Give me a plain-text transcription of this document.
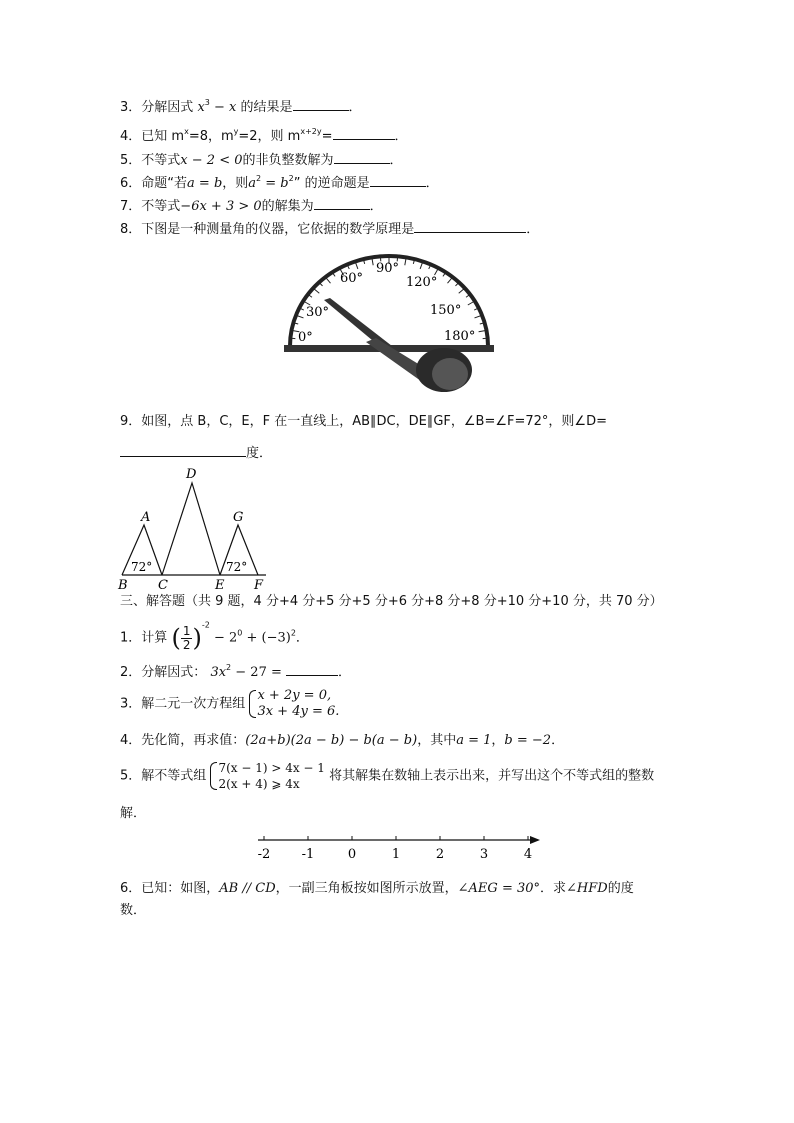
3．分解因式 $x^3 - x$ 的结果是	．
4．已知 $m^x=8$，$m^y=2$，则 $m^{x+2y}=$	．
5．不等式x − 2 < 0的非负整数解为	．
6．命题“若a = b，则$a^2 = b^2$” 的逆命题是	．
7．不等式−6x + 3 > 0的解集为	．
8．下图是一种测量角的仪器，它依据的数学原理是	．
0°
30°
60°
90°
120°
150°
180°
9．如图，点 B，C，E，F 在一直线上，AB∥DC，DE∥GF，∠B=∠F=72°，则∠D=
度．
A
B C
D
E F
G
72°	72°
三、解答题（共 9 题，4 分+4 分+5 分+5 分+6 分+8 分+8 分+10 分+10 分，共 70 分）
1．计算 ( $\frac{1}{2} )^{-2} - 2^0 + (-3)^2$．
2．分解因式： $3x^2 - 27$ =	．
3．解二元一次方程组
x + 2y = 0,
3x + 4y = 6.
4．先化简，再求值：(2a+b)(2a − b) − b(a − b)，其中a = 1，b = −2．
5．解不等式组
7(x − 1) > 4x − 1
2(x + 4) ⩾ 4x
将其解集在数轴上表示出来，并写出这个不等式组的整数
解．
-2 -1	0	1	2	3	4
6．已知：如图，AB // CD，一副三角板按如图所示放置，∠AEG = 30°．求∠HFD的度
数．
